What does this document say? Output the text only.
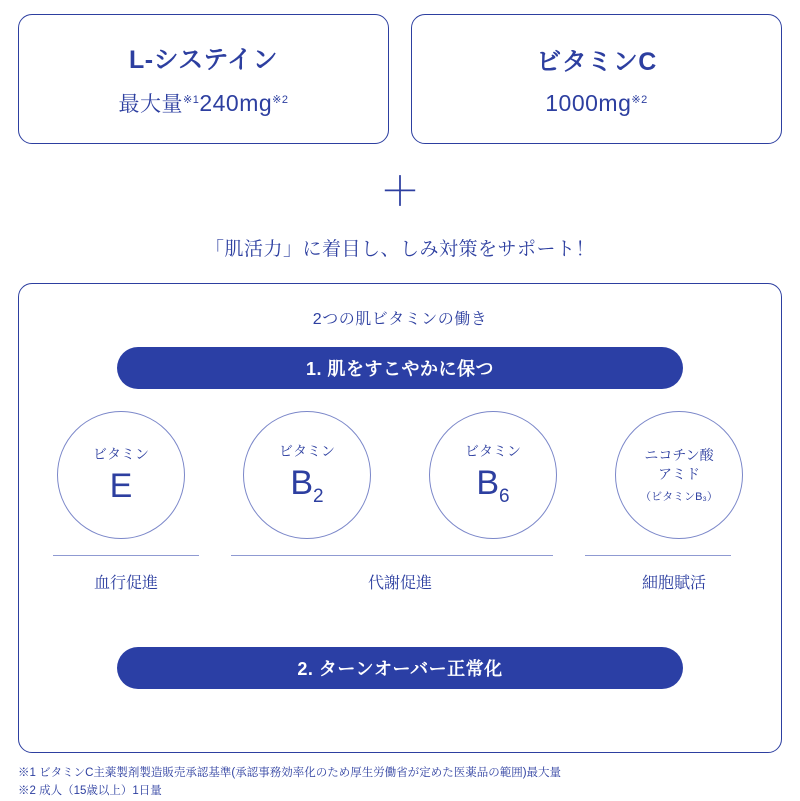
L-システイン
最大量$^{※1}240mg^{※2}$
ビタミンC
$1000mg^{※2}$
＋
「肌活力」に着目し、しみ対策をサポート！
2つの肌ビタミンの働き
1. 肌をすこやかに保つ
ビタミン
E
ビタミン
$B_2$
ビタミン
$B_6$
ニコチン酸
アミド
（ビタミンB₃）
血行促進	代謝促進	細胞賦活
2. ターンオーバー正常化
※1 ビタミンC主薬製剤製造販売承認基準(承認事務効率化のため厚生労働省が定めた医薬品の範囲)最大量
※2 成人（15歳以上）1日量
